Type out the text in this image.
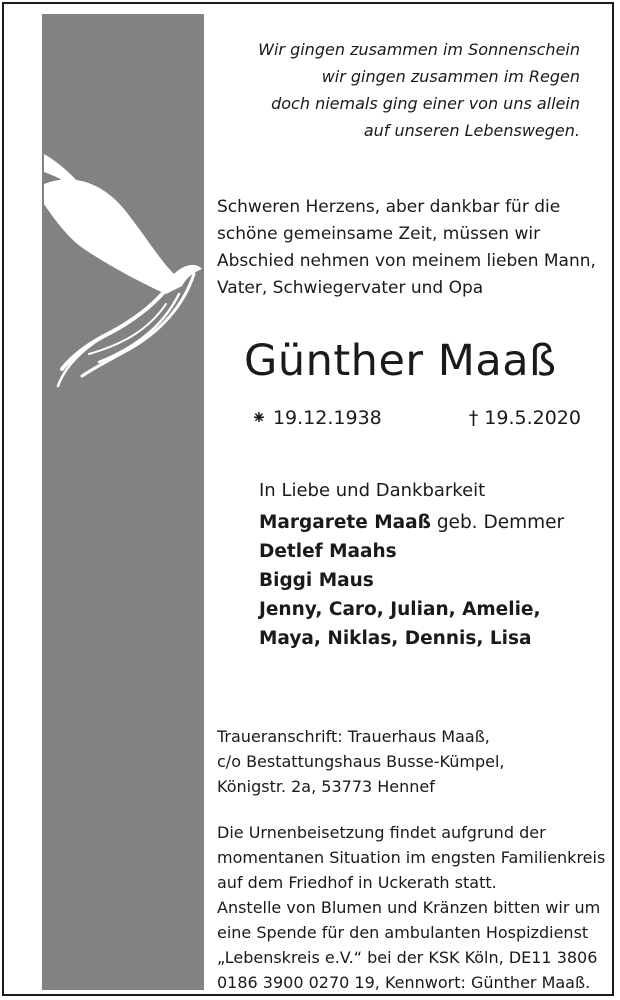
Wir gingen zusammen im Sonnenschein
wir gingen zusammen im Regen
doch niemals ging einer von uns allein
auf unseren Lebenswegen.
Schweren Herzens, aber dankbar für die
schöne gemeinsame Zeit, müssen wir
Abschied nehmen von meinem lieben Mann,
Vater, Schwiegervater und Opa
Günther Maaß
⁕ 19.12.1938	† 19.5.2020
In Liebe und Dankbarkeit
Margarete Maaß geb. Demmer
Detlef Maahs
Biggi Maus
Jenny, Caro, Julian, Amelie,
Maya, Niklas, Dennis, Lisa
Traueranschrift: Trauerhaus Maaß,
c/o Bestattungshaus Busse-Kümpel,
Königstr. 2a, 53773 Hennef
Die Urnenbeisetzung findet aufgrund der
momentanen Situation im engsten Familienkreis
auf dem Friedhof in Uckerath statt.
Anstelle von Blumen und Kränzen bitten wir um
eine Spende für den ambulanten Hospizdienst
„Lebenskreis e.V.“ bei der KSK Köln, DE11 3806
0186 3900 0270 19, Kennwort: Günther Maaß.
